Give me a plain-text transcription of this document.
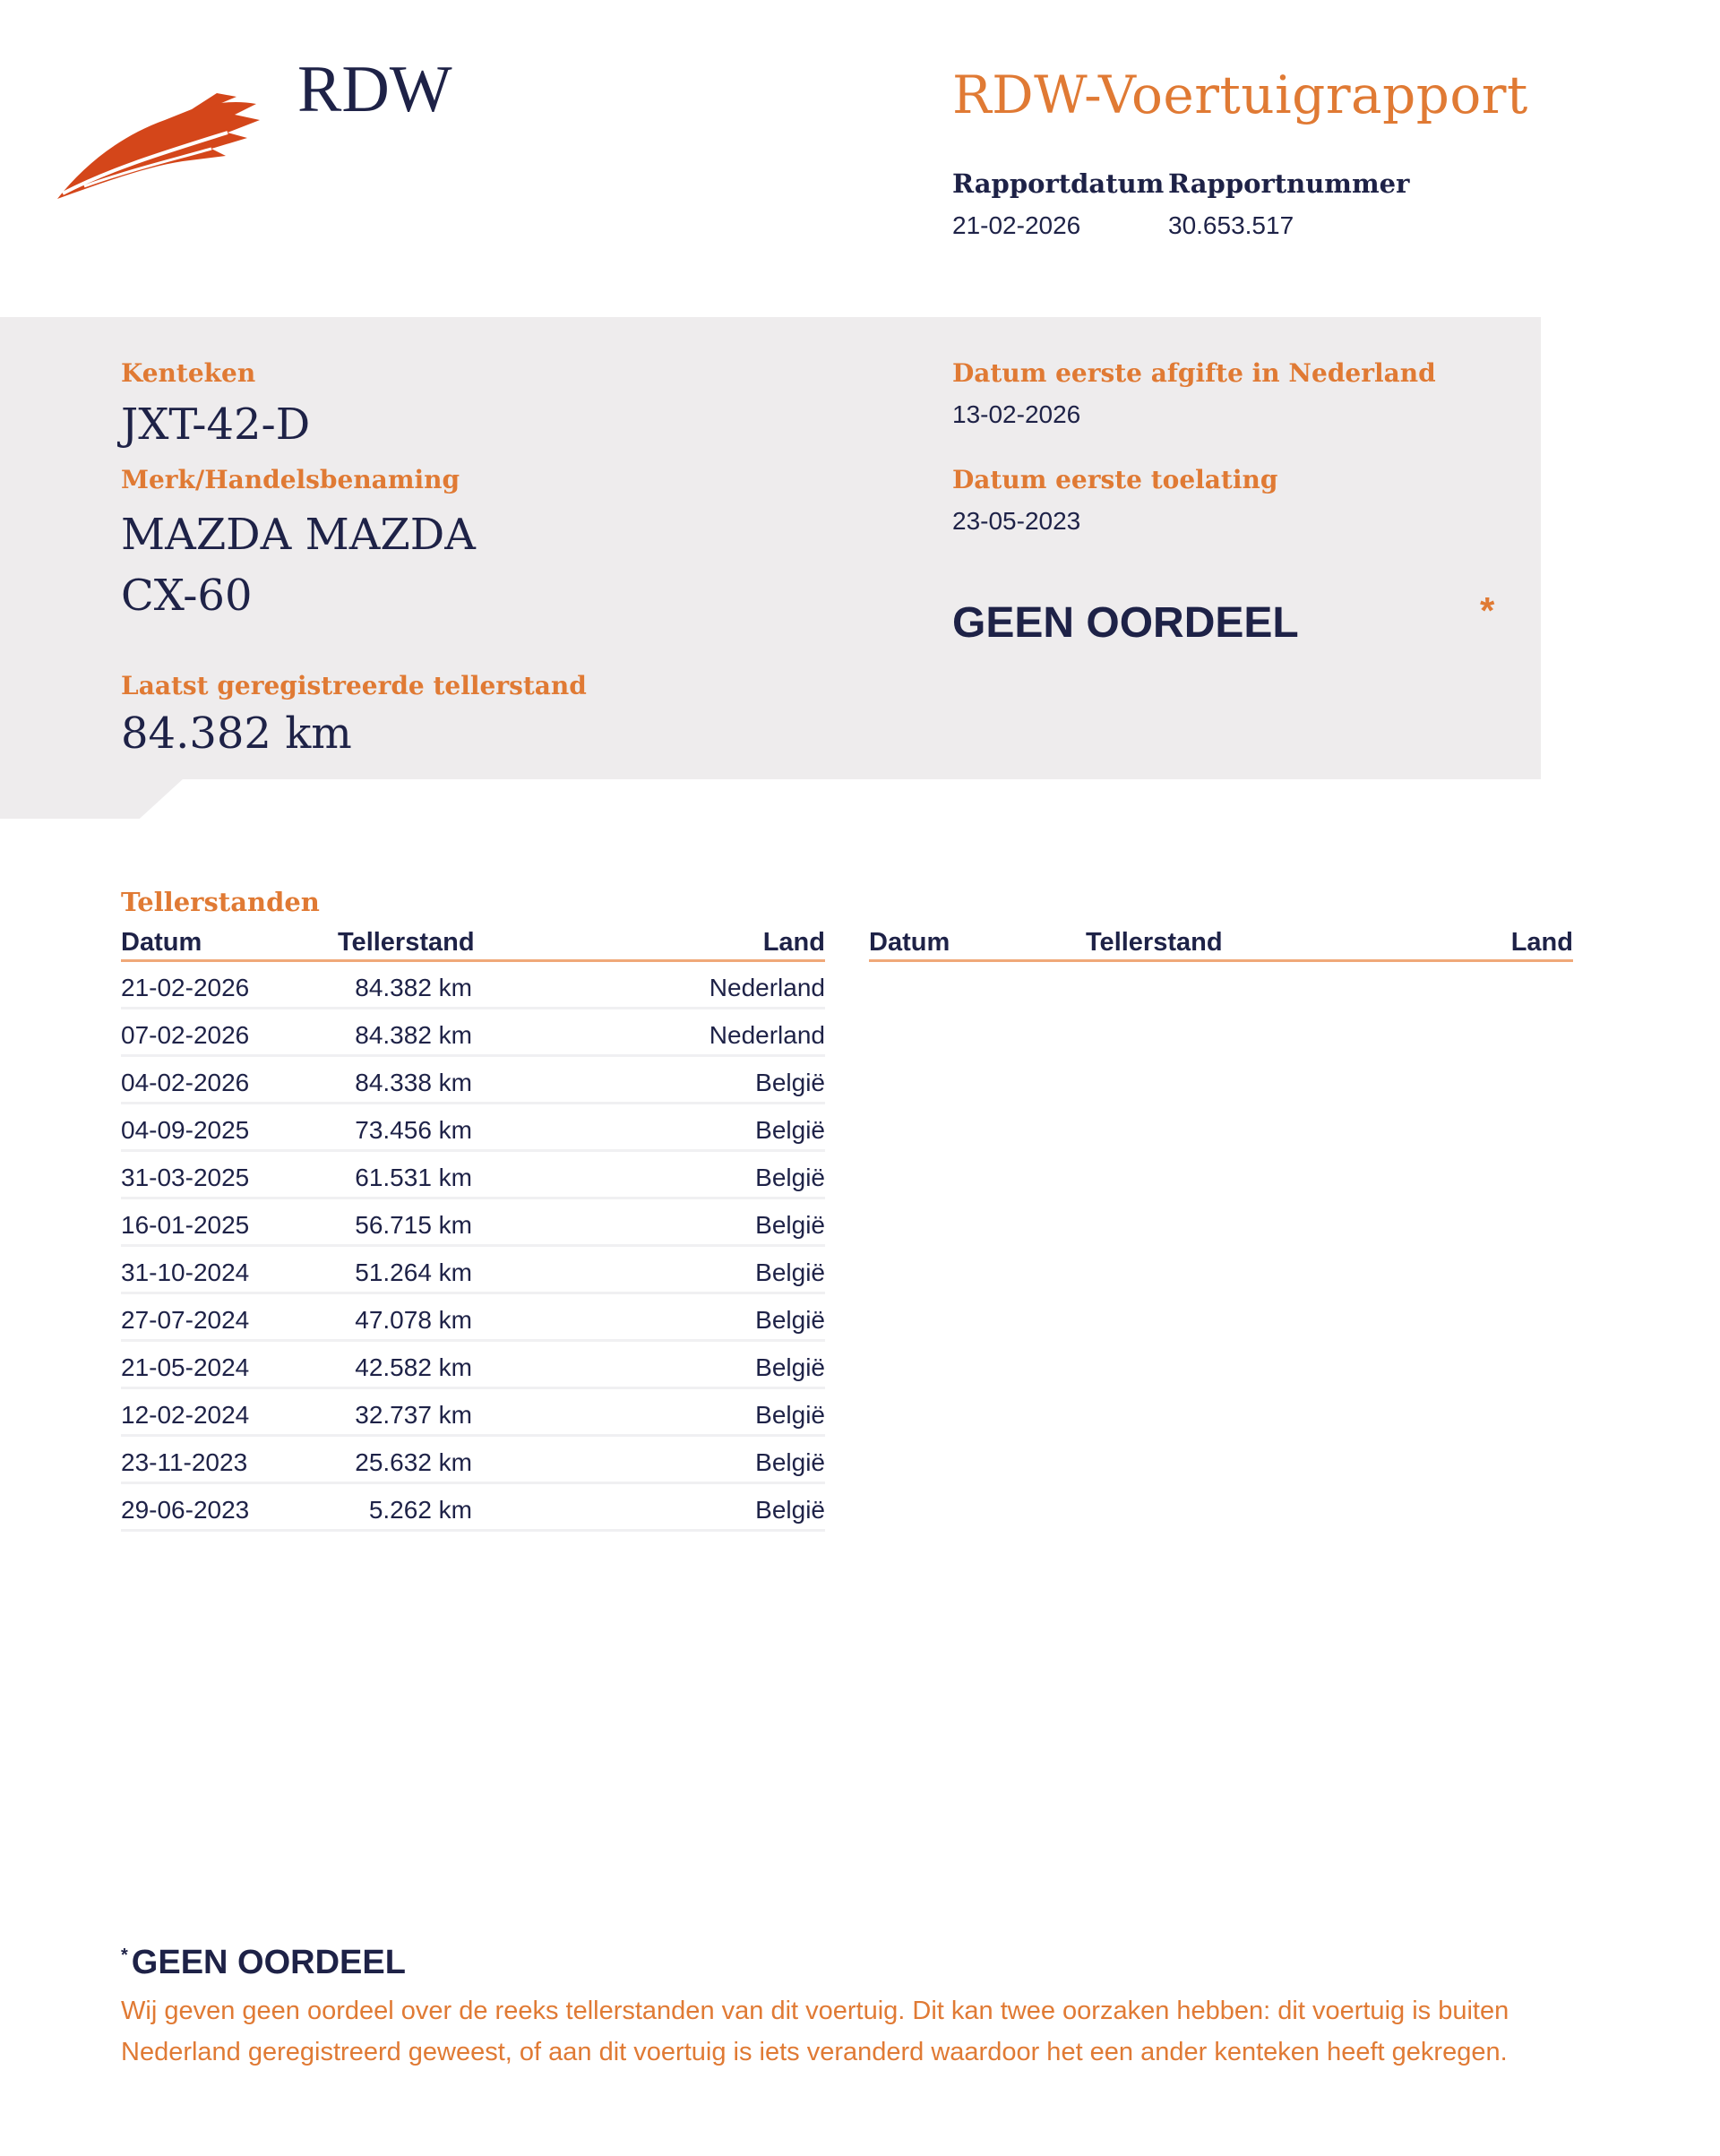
RDW	RDW-Voertuigrapport
Rapportdatum
21-02-2026
Rapportnummer
30.653.517
Kenteken
JXT-42-D
Merk/Handelsbenaming
MAZDA MAZDA CX-60
Laatst geregistreerde tellerstand
84.382 km
Datum eerste afgifte in Nederland
13-02-2026
Datum eerste toelating
23-05-2023
GEEN OORDEEL	*
Tellerstanden
Datum	Tellerstand	Land
21-02-2026	84.382 km	Nederland
07-02-2026	84.382 km	Nederland
04-02-2026	84.338 km	België
04-09-2025	73.456 km	België
31-03-2025	61.531 km	België
16-01-2025	56.715 km	België
31-10-2024	51.264 km	België
27-07-2024	47.078 km	België
21-05-2024	42.582 km	België
12-02-2024	32.737 km	België
23-11-2023	25.632 km	België
29-06-2023	5.262 km	België
Datum	Tellerstand	Land
* GEEN OORDEEL
Wij geven geen oordeel over de reeks tellerstanden van dit voertuig. Dit kan twee oorzaken hebben: dit voertuig is buiten Nederland geregistreerd geweest, of aan dit voertuig is iets veranderd waardoor het een ander kenteken heeft gekregen.
